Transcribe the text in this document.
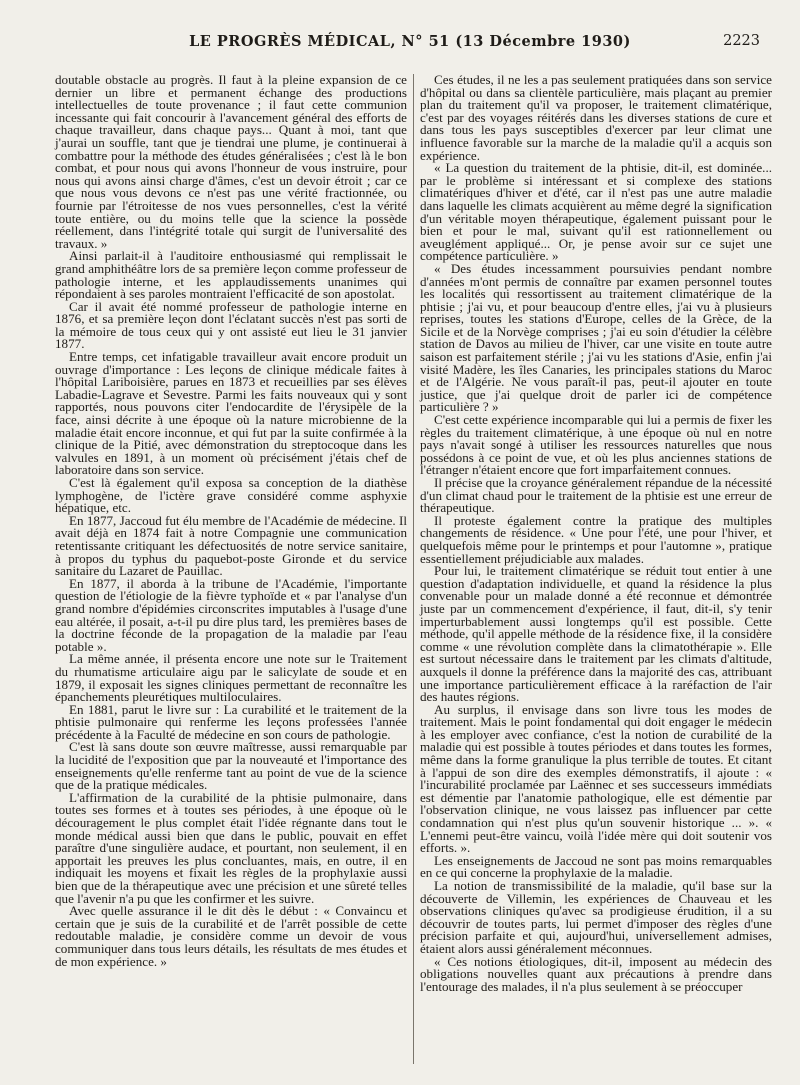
LE PROGRÈS MÉDICAL, N° 51 (13 Décembre 1930)	2223

doutable obstacle au progrès. Il faut à la pleine expansion de ce dernier un libre et permanent échange des productions intellectuelles de toute provenance ; il faut cette communion incessante qui fait concourir à l'avancement général des efforts de chaque travailleur, dans chaque pays... Quant à moi, tant que j'aurai un souffle, tant que je tiendrai une plume, je continuerai à combattre pour la méthode des études généralisées ; c'est là le bon combat, et pour nous qui avons l'honneur de vous instruire, pour nous qui avons ainsi charge d'âmes, c'est un devoir étroit ; car ce que nous vous devons ce n'est pas une vérité fractionnée, ou fournie par l'étroitesse de nos vues personnelles, c'est la vérité toute entière, ou du moins telle que la science la possède réellement, dans l'intégrité totale qui surgit de l'universalité des travaux. »

Ainsi parlait-il à l'auditoire enthousiasmé qui remplissait le grand amphithéâtre lors de sa première leçon comme professeur de pathologie interne, et les applaudissements unanimes qui répondaient à ses paroles montraient l'efficacité de son apostolat.

Car il avait été nommé professeur de pathologie interne en 1876, et sa première leçon dont l'éclatant succès n'est pas sorti de la mémoire de tous ceux qui y ont assisté eut lieu le 31 janvier 1877.

Entre temps, cet infatigable travailleur avait encore produit un ouvrage d'importance : Les leçons de clinique médicale faites à l'hôpital Lariboisière, parues en 1873 et recueillies par ses élèves Labadie-Lagrave et Sevestre. Parmi les faits nouveaux qui y sont rapportés, nous pouvons citer l'endocardite de l'érysipèle de la face, ainsi décrite à une époque où la nature microbienne de la maladie était encore inconnue, et qui fut par la suite confirmée à la clinique de la Pitié, avec démonstration du streptocoque dans les valvules en 1891, à un moment où précisément j'étais chef de laboratoire dans son service.

C'est là également qu'il exposa sa conception de la diathèse lymphogène, de l'ictère grave considéré comme asphyxie hépatique, etc.

En 1877, Jaccoud fut élu membre de l'Académie de médecine. Il avait déjà en 1874 fait à notre Compagnie une communication retentissante critiquant les défectuosités de notre service sanitaire, à propos du typhus du paquebot-poste Gironde et du service sanitaire du Lazaret de Pauillac.

En 1877, il aborda à la tribune de l'Académie, l'importante question de l'étiologie de la fièvre typhoïde et « par l'analyse d'un grand nombre d'épidémies circonscrites imputables à l'usage d'une eau altérée, il posait, a-t-il pu dire plus tard, les premières bases de la doctrine féconde de la propagation de la maladie par l'eau potable ».

La même année, il présenta encore une note sur le Traitement du rhumatisme articulaire aigu par le salicylate de soude et en 1879, il exposait les signes cliniques permettant de reconnaître les épanchements pleurétiques multiloculaires.

En 1881, parut le livre sur : La curabilité et le traitement de la phtisie pulmonaire qui renferme les leçons professées l'année précédente à la Faculté de médecine en son cours de pathologie.

C'est là sans doute son œuvre maîtresse, aussi remarquable par la lucidité de l'exposition que par la nouveauté et l'importance des enseignements qu'elle renferme tant au point de vue de la science que de la pratique médicales.

L'affirmation de la curabilité de la phtisie pulmonaire, dans toutes ses formes et à toutes ses périodes, à une époque où le découragement le plus complet était l'idée régnante dans tout le monde médical aussi bien que dans le public, pouvait en effet paraître d'une singulière audace, et pourtant, non seulement, il en apportait les preuves les plus concluantes, mais, en outre, il en indiquait les moyens et fixait les règles de la prophylaxie aussi bien que de la thérapeutique avec une précision et une sûreté telles que l'avenir n'a pu que les confirmer et les suivre.

Avec quelle assurance il le dit dès le début : « Convaincu et certain que je suis de la curabilité et de l'arrêt possible de cette redoutable maladie, je considère comme un devoir de vous communiquer dans tous leurs détails, les résultats de mes études et de mon expérience. »

Ces études, il ne les a pas seulement pratiquées dans son service d'hôpital ou dans sa clientèle particulière, mais plaçant au premier plan du traitement qu'il va proposer, le traitement climatérique, c'est par des voyages réitérés dans les diverses stations de cure et dans tous les pays susceptibles d'exercer par leur climat une influence favorable sur la marche de la maladie qu'il a acquis son expérience.

« La question du traitement de la phtisie, dit-il, est dominée... par le problème si intéressant et si complexe des stations climatériques d'hiver et d'été, car il n'est pas une autre maladie dans laquelle les climats acquièrent au même degré la signification d'un véritable moyen thérapeutique, également puissant pour le bien et pour le mal, suivant qu'il est rationnellement ou aveuglément appliqué... Or, je pense avoir sur ce sujet une compétence particulière. »

« Des études incessamment poursuivies pendant nombre d'années m'ont permis de connaître par examen personnel toutes les localités qui ressortissent au traitement climatérique de la phtisie ; j'ai vu, et pour beaucoup d'entre elles, j'ai vu à plusieurs reprises, toutes les stations d'Europe, celles de la Grèce, de la Sicile et de la Norvège comprises ; j'ai eu soin d'étudier la célèbre station de Davos au milieu de l'hiver, car une visite en toute autre saison est parfaitement stérile ; j'ai vu les stations d'Asie, enfin j'ai visité Madère, les îles Canaries, les principales stations du Maroc et de l'Algérie. Ne vous paraît-il pas, peut-il ajouter en toute justice, que j'ai quelque droit de parler ici de compétence particulière ? »

C'est cette expérience incomparable qui lui a permis de fixer les règles du traitement climatérique, à une époque où nul en notre pays n'avait songé à utiliser les ressources naturelles que nous possédons à ce point de vue, et où les plus anciennes stations de l'étranger n'étaient encore que fort imparfaitement connues.

Il précise que la croyance généralement répandue de la nécessité d'un climat chaud pour le traitement de la phtisie est une erreur de thérapeutique.

Il proteste également contre la pratique des multiples changements de résidence. « Une pour l'été, une pour l'hiver, et quelquefois même pour le printemps et pour l'automne », pratique essentiellement préjudiciable aux malades.

Pour lui, le traitement climatérique se réduit tout entier à une question d'adaptation individuelle, et quand la résidence la plus convenable pour un malade donné a été reconnue et démontrée juste par un commencement d'expérience, il faut, dit-il, s'y tenir imperturbablement aussi longtemps qu'il est possible. Cette méthode, qu'il appelle méthode de la résidence fixe, il la considère comme « une révolution complète dans la climatothérapie ». Elle est surtout nécessaire dans le traitement par les climats d'altitude, auxquels il donne la préférence dans la majorité des cas, attribuant une importance particulièrement efficace à la raréfaction de l'air des hautes régions.

Au surplus, il envisage dans son livre tous les modes de traitement. Mais le point fondamental qui doit engager le médecin à les employer avec confiance, c'est la notion de curabilité de la maladie qui est possible à toutes périodes et dans toutes les formes, même dans la forme granulique la plus terrible de toutes. Et citant à l'appui de son dire des exemples démonstratifs, il ajoute : « l'incurabilité proclamée par Laënnec et ses successeurs immédiats est démentie par l'anatomie pathologique, elle est démentie par l'observation clinique, ne vous laissez pas influencer par cette condamnation qui n'est plus qu'un souvenir historique ... ». « L'ennemi peut-être vaincu, voilà l'idée mère qui doit soutenir vos efforts. ».

Les enseignements de Jaccoud ne sont pas moins remarquables en ce qui concerne la prophylaxie de la maladie.

La notion de transmissibilité de la maladie, qu'il base sur la découverte de Villemin, les expériences de Chauveau et les observations cliniques qu'avec sa prodigieuse érudition, il a su découvrir de toutes parts, lui permet d'imposer des règles d'une précision parfaite et qui, aujourd'hui, universellement admises, étaient alors aussi généralement méconnues.

« Ces notions étiologiques, dit-il, imposent au médecin des obligations nouvelles quant aux précautions à prendre dans l'entourage des malades, il n'a plus seulement à se préoccuper
